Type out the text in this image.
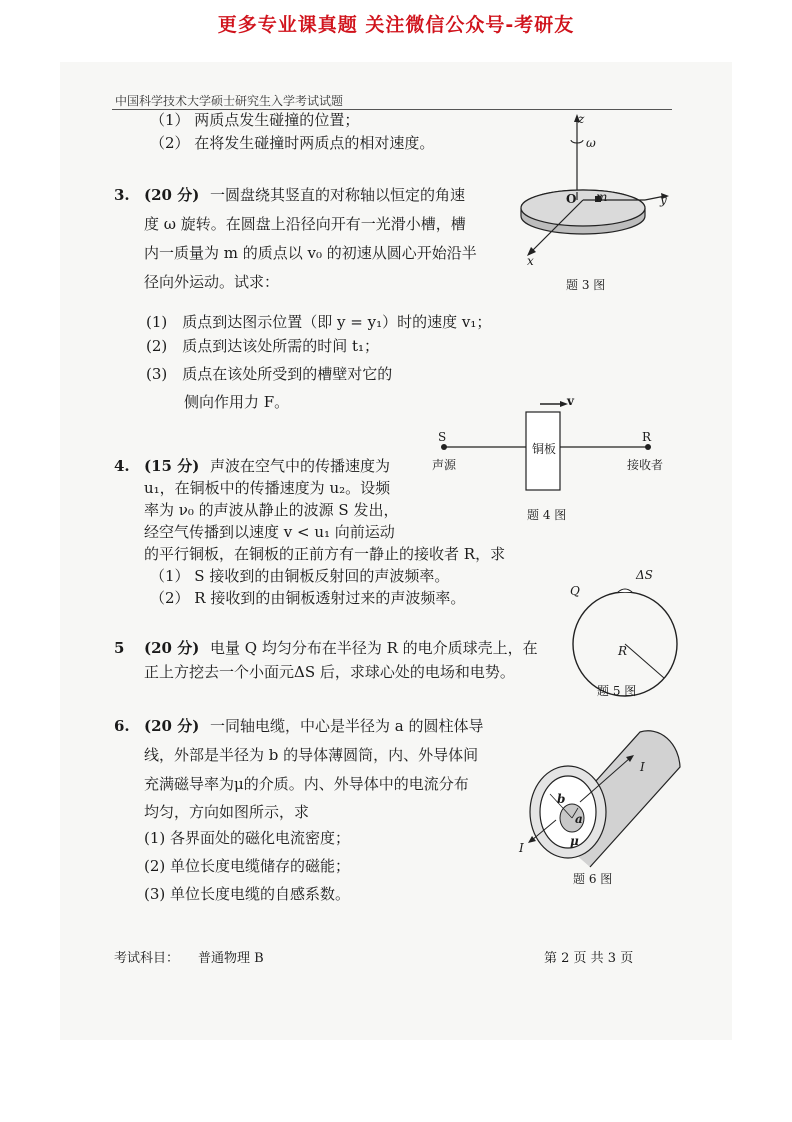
更多专业课真题 关注微信公众号-考研友
中国科学技术大学硕士研究生入学考试试题
（1） 两质点发生碰撞的位置；
（2） 在将发生碰撞时两质点的相对速度。
3. (20 分) 一圆盘绕其竖直的对称轴以恒定的角速
度 ω 旋转。在圆盘上沿径向开有一光滑小槽，槽
内一质量为 m 的质点以 v₀ 的初速从圆心开始沿半
径向外运动。试求：
(1)　质点到达图示位置（即 y = y₁）时的速度 v₁；
(2)　质点到达该处所需的时间 t₁；
(3)　质点在该处所受到的槽壁对它的
侧向作用力 F。
z
ω
O m	y
x
题 3 图
4. (15 分) 声波在空气中的传播速度为
u₁，在铜板中的传播速度为 u₂。设频
率为 ν₀ 的声波从静止的波源 S 发出，
经空气传播到以速度 v < u₁ 向前运动
的平行铜板，在铜板的正前方有一静止的接收者 R，求
（1） S 接收到的由铜板反射回的声波频率。
（2） R 接收到的由铜板透射过来的声波频率。
v
S	R
声源
铜板
接收者
题 4 图
5 (20 分) 电量 Q 均匀分布在半径为 R 的电介质球壳上，在
正上方挖去一个小面元ΔS 后，求球心处的电场和电势。
ΔS
Q
R
题 5 图
6. (20 分) 一同轴电缆，中心是半径为 a 的圆柱体导
线，外部是半径为 b 的导体薄圆筒，内、外导体间
充满磁导率为μ的介质。内、外导体中的电流分布
均匀，方向如图所示，求
(1) 各界面处的磁化电流密度；
(2) 单位长度电缆储存的磁能；
(3) 单位长度电缆的自感系数。
I
I
b
a
μ
题 6 图
考试科目： 普通物理 B	第 2 页 共 3 页
